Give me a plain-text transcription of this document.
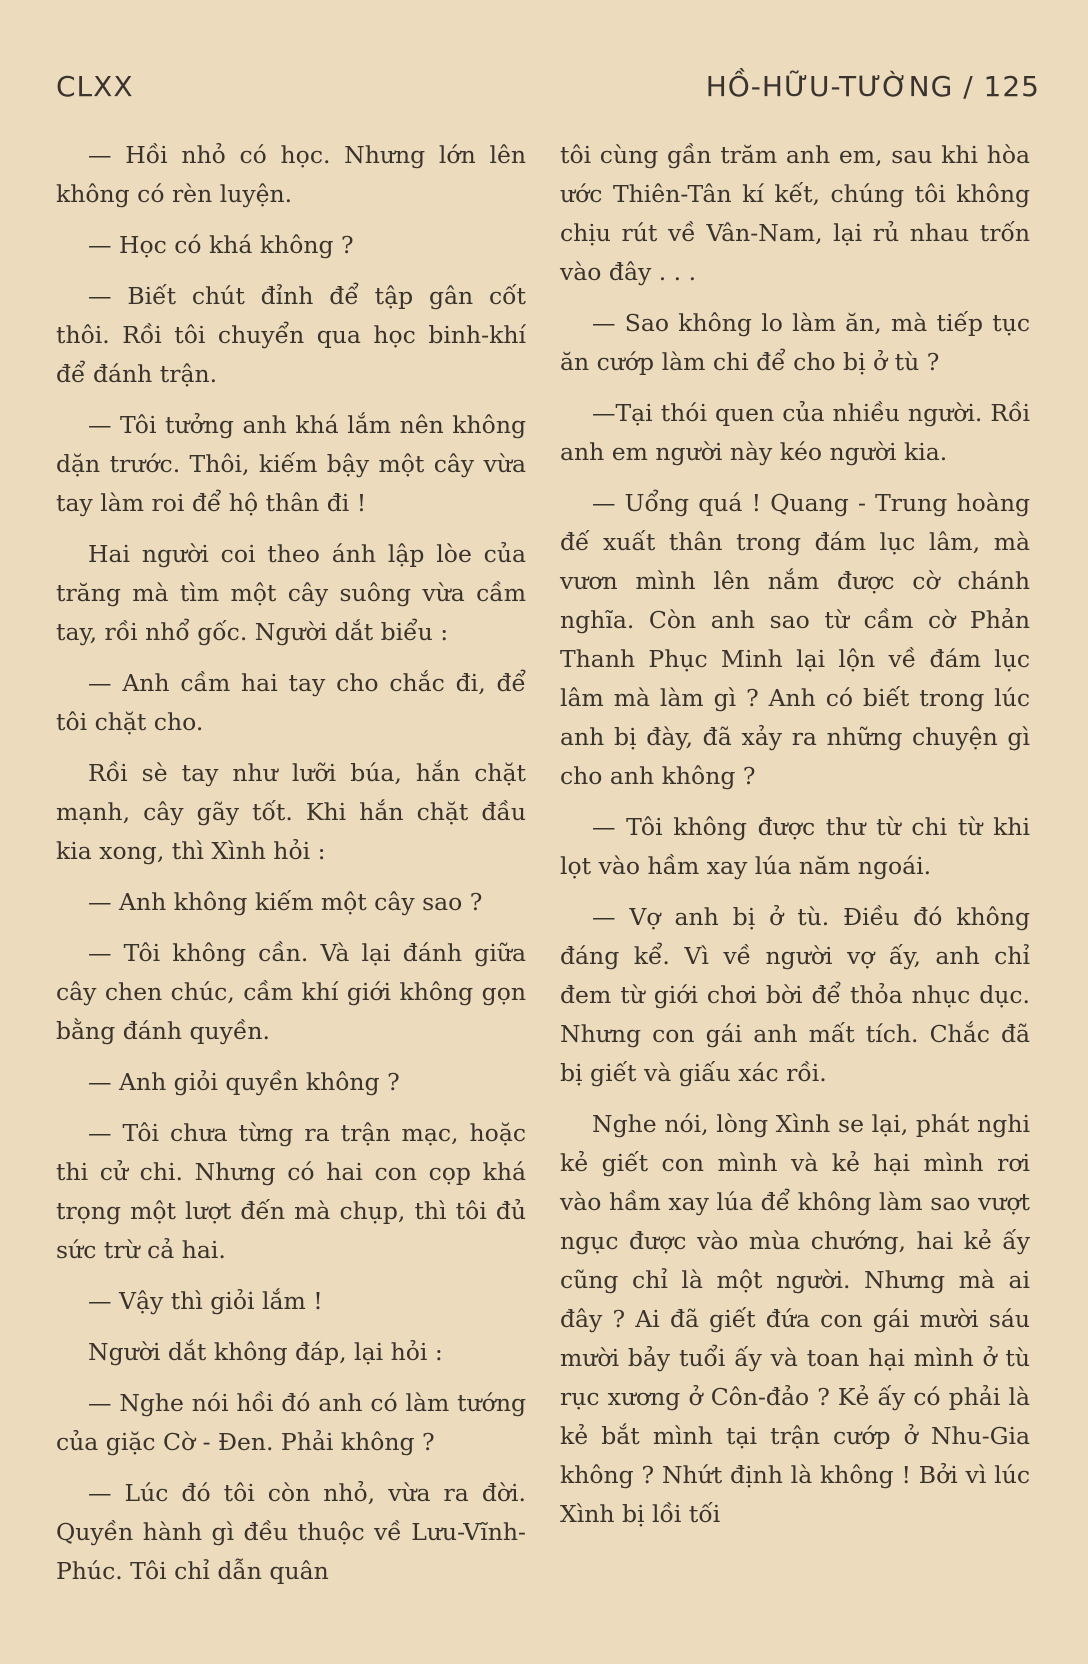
CLXX	HỒ-HỮU-TƯỜNG / 125

— Hồi nhỏ có học. Nhưng lớn lên không có rèn luyện.

— Học có khá không ?

— Biết chút đỉnh để tập gân cốt thôi. Rồi tôi chuyển qua học binh-khí để đánh trận.

— Tôi tưởng anh khá lắm nên không dặn trước. Thôi, kiếm bậy một cây vừa tay làm roi để hộ thân đi !

Hai người coi theo ánh lập lòe của trăng mà tìm một cây suông vừa cầm tay, rồi nhổ gốc. Người dắt biểu :

— Anh cầm hai tay cho chắc đi, để tôi chặt cho.

Rồi sè tay như lưỡi búa, hắn chặt mạnh, cây gãy tốt. Khi hắn chặt đầu kia xong, thì Xình hỏi :

— Anh không kiếm một cây sao ?

— Tôi không cần. Và lại đánh giữa cây chen chúc, cầm khí giới không gọn bằng đánh quyền.

— Anh giỏi quyền không ?

— Tôi chưa từng ra trận mạc, hoặc thi cử chi. Nhưng có hai con cọp khá trọng một lượt đến mà chụp, thì tôi đủ sức trừ cả hai.

— Vậy thì giỏi lắm !

Người dắt không đáp, lại hỏi :

— Nghe nói hồi đó anh có làm tướng của giặc Cờ - Đen. Phải không ?

— Lúc đó tôi còn nhỏ, vừa ra đời. Quyền hành gì đều thuộc về Lưu-Vĩnh-Phúc. Tôi chỉ dẫn quân

tôi cùng gần trăm anh em, sau khi hòa ước Thiên-Tân kí kết, chúng tôi không chịu rút về Vân-Nam, lại rủ nhau trốn vào đây . . .

— Sao không lo làm ăn, mà tiếp tục ăn cướp làm chi để cho bị ở tù ?

—Tại thói quen của nhiều người. Rồi anh em người này kéo người kia.

— Uổng quá ! Quang - Trung hoàng đế xuất thân trong đám lục lâm, mà vươn mình lên nắm được cờ chánh nghĩa. Còn anh sao từ cầm cờ Phản Thanh Phục Minh lại lộn về đám lục lâm mà làm gì ? Anh có biết trong lúc anh bị đày, đã xảy ra những chuyện gì cho anh không ?

— Tôi không được thư từ chi từ khi lọt vào hầm xay lúa năm ngoái.

— Vợ anh bị ở tù. Điều đó không đáng kể. Vì về người vợ ấy, anh chỉ đem từ giới chơi bời để thỏa nhục dục. Nhưng con gái anh mất tích. Chắc đã bị giết và giấu xác rồi.

Nghe nói, lòng Xình se lại, phát nghi kẻ giết con mình và kẻ hại mình rơi vào hầm xay lúa để không làm sao vượt ngục được vào mùa chướng, hai kẻ ấy cũng chỉ là một người. Nhưng mà ai đây ? Ai đã giết đứa con gái mười sáu mười bảy tuổi ấy và toan hại mình ở tù rục xương ở Côn-đảo ? Kẻ ấy có phải là kẻ bắt mình tại trận cướp ở Nhu-Gia không ? Nhứt định là không ! Bởi vì lúc Xình bị lồi tối
